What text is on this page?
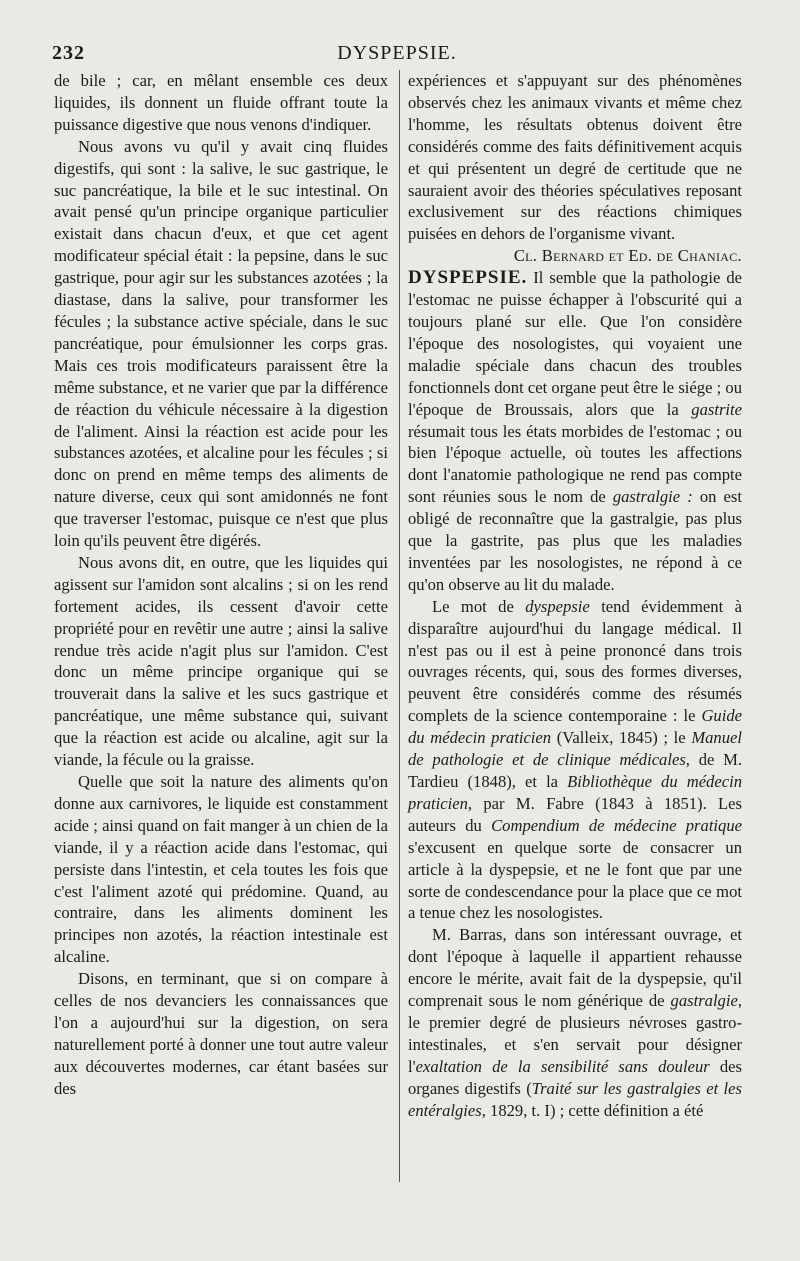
232	DYSPEPSIE.

de bile ; car, en mêlant ensemble ces deux liquides, ils donnent un fluide offrant toute la puissance digestive que nous venons d'indiquer.

Nous avons vu qu'il y avait cinq fluides digestifs, qui sont : la salive, le suc gastrique, le suc pancréatique, la bile et le suc intestinal. On avait pensé qu'un principe organique particulier existait dans chacun d'eux, et que cet agent modificateur spécial était : la pepsine, dans le suc gastrique, pour agir sur les substances azotées ; la diastase, dans la salive, pour transformer les fécules ; la substance active spéciale, dans le suc pancréatique, pour émulsionner les corps gras. Mais ces trois modificateurs paraissent être la même substance, et ne varier que par la différence de réaction du véhicule nécessaire à la digestion de l'aliment. Ainsi la réaction est acide pour les substances azotées, et alcaline pour les fécules ; si donc on prend en même temps des aliments de nature diverse, ceux qui sont amidonnés ne font que traverser l'estomac, puisque ce n'est que plus loin qu'ils peuvent être digérés.

Nous avons dit, en outre, que les liquides qui agissent sur l'amidon sont alcalins ; si on les rend fortement acides, ils cessent d'avoir cette propriété pour en revêtir une autre ; ainsi la salive rendue très acide n'agit plus sur l'amidon. C'est donc un même principe organique qui se trouverait dans la salive et les sucs gastrique et pancréatique, une même substance qui, suivant que la réaction est acide ou alcaline, agit sur la viande, la fécule ou la graisse.

Quelle que soit la nature des aliments qu'on donne aux carnivores, le liquide est constamment acide ; ainsi quand on fait manger à un chien de la viande, il y a réaction acide dans l'estomac, qui persiste dans l'intestin, et cela toutes les fois que c'est l'aliment azoté qui prédomine. Quand, au contraire, dans les aliments dominent les principes non azotés, la réaction intestinale est alcaline.

Disons, en terminant, que si on compare à celles de nos devanciers les connaissances que l'on a aujourd'hui sur la digestion, on sera naturellement porté à donner une tout autre valeur aux découvertes modernes, car étant basées sur des

expériences et s'appuyant sur des phénomènes observés chez les animaux vivants et même chez l'homme, les résultats obtenus doivent être considérés comme des faits définitivement acquis et qui présentent un degré de certitude que ne sauraient avoir des théories spéculatives reposant exclusivement sur des réactions chimiques puisées en dehors de l'organisme vivant.

Cl. Bernard et Ed. de Chaniac.

DYSPEPSIE. Il semble que la pathologie de l'estomac ne puisse échapper à l'obscurité qui a toujours plané sur elle. Que l'on considère l'époque des nosologistes, qui voyaient une maladie spéciale dans chacun des troubles fonctionnels dont cet organe peut être le siége ; ou l'époque de Broussais, alors que la gastrite résumait tous les états morbides de l'estomac ; ou bien l'époque actuelle, où toutes les affections dont l'anatomie pathologique ne rend pas compte sont réunies sous le nom de gastralgie : on est obligé de reconnaître que la gastralgie, pas plus que la gastrite, pas plus que les maladies inventées par les nosologistes, ne répond à ce qu'on observe au lit du malade.

Le mot de dyspepsie tend évidemment à disparaître aujourd'hui du langage médical. Il n'est pas ou il est à peine prononcé dans trois ouvrages récents, qui, sous des formes diverses, peuvent être considérés comme des résumés complets de la science contemporaine : le Guide du médecin praticien (Valleix, 1845) ; le Manuel de pathologie et de clinique médicales, de M. Tardieu (1848), et la Bibliothèque du médecin praticien, par M. Fabre (1843 à 1851). Les auteurs du Compendium de médecine pratique s'excusent en quelque sorte de consacrer un article à la dyspepsie, et ne le font que par une sorte de condescendance pour la place que ce mot a tenue chez les nosologistes.

M. Barras, dans son intéressant ouvrage, et dont l'époque à laquelle il appartient rehausse encore le mérite, avait fait de la dyspepsie, qu'il comprenait sous le nom générique de gastralgie, le premier degré de plusieurs névroses gastro-intestinales, et s'en servait pour désigner l'exaltation de la sensibilité sans douleur des organes digestifs (Traité sur les gastralgies et les entéralgies, 1829, t. I) ; cette définition a été
